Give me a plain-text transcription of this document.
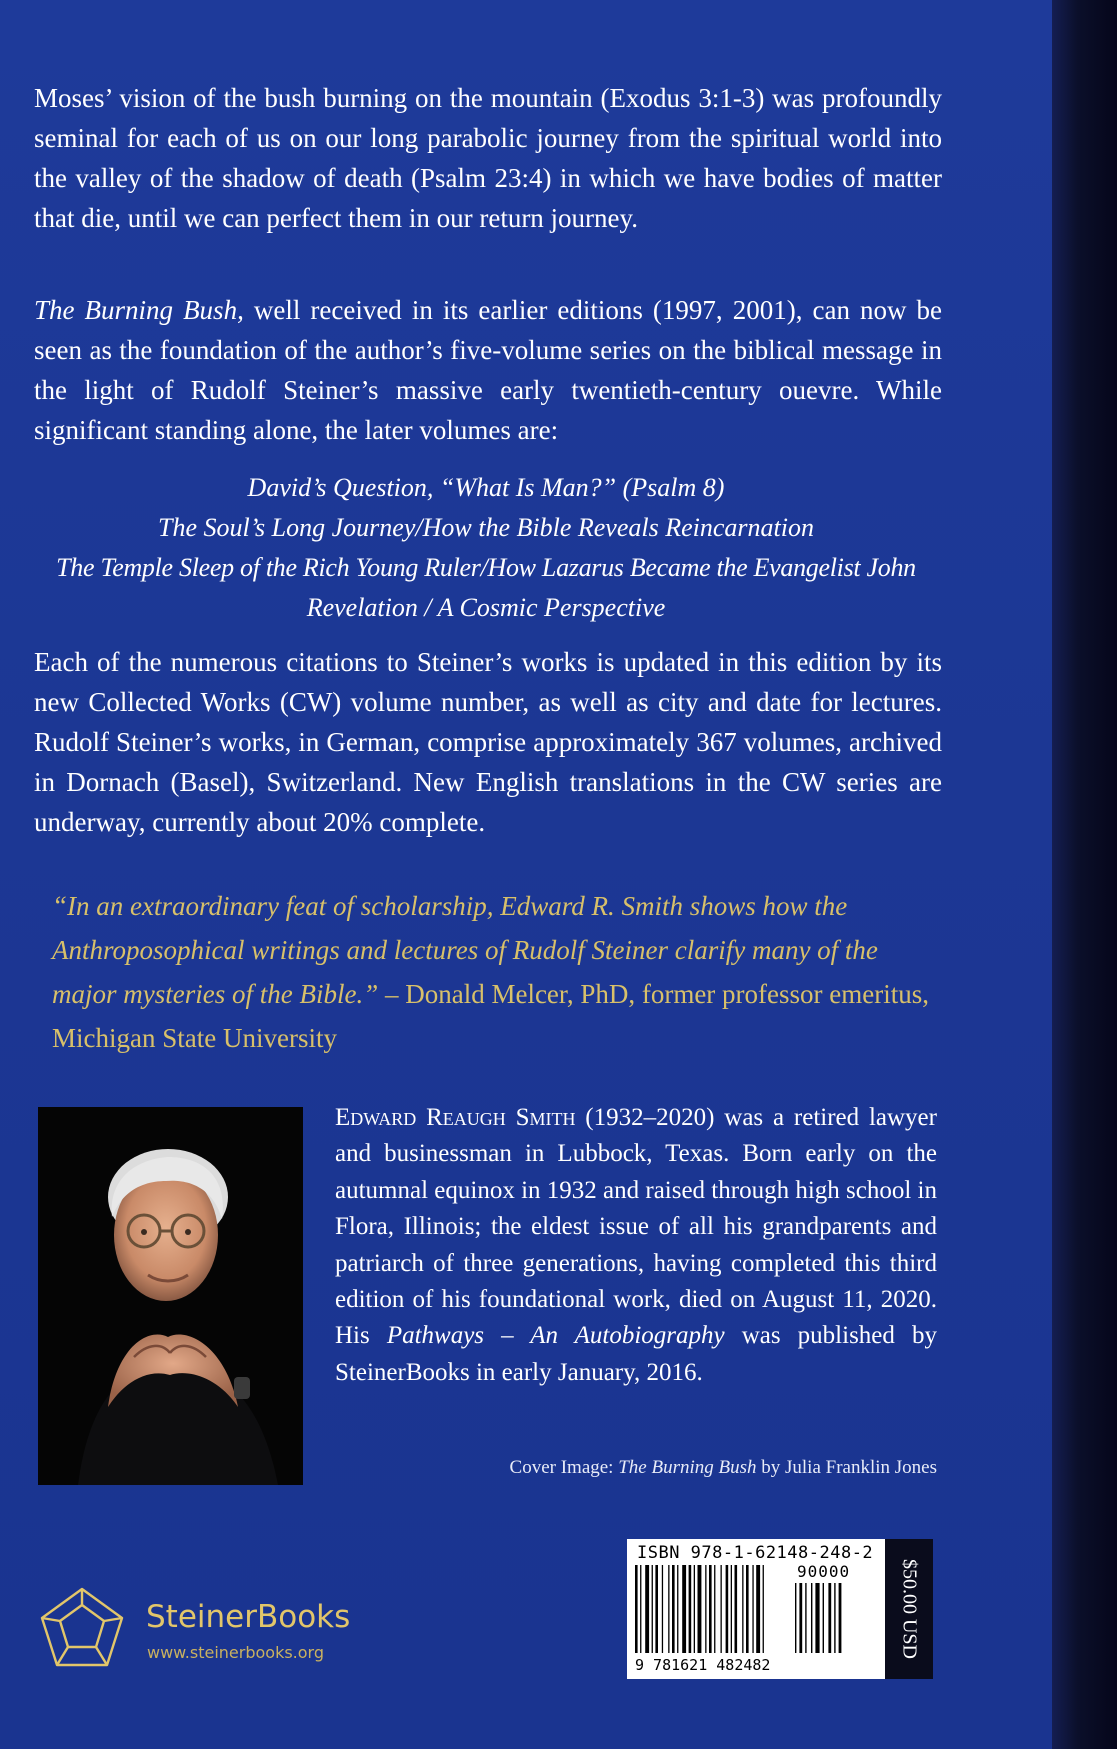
Moses’ vision of the bush burning on the mountain (Exodus 3:1-3) was profoundly seminal for each of us on our long parabolic journey from the spiritual world into the valley of the shadow of death (Psalm 23:4) in which we have bodies of matter that die, until we can perfect them in our return journey.

The Burning Bush, well received in its earlier editions (1997, 2001), can now be seen as the foundation of the author’s five-volume series on the biblical message in the light of Rudolf Steiner’s massive early twentieth-century ouevre. While significant standing alone, the later volumes are:

David’s Question, “What Is Man?” (Psalm 8)
The Soul’s Long Journey/How the Bible Reveals Reincarnation
The Temple Sleep of the Rich Young Ruler/How Lazarus Became the Evangelist John
Revelation / A Cosmic Perspective

Each of the numerous citations to Steiner’s works is updated in this edition by its new Collected Works (CW) volume number, as well as city and date for lectures. Rudolf Steiner’s works, in German, comprise approximately 367 volumes, archived in Dornach (Basel), Switzerland. New English translations in the CW series are underway, currently about 20% complete.

“In an extraordinary feat of scholarship, Edward R. Smith shows how the Anthroposophical writings and lectures of Rudolf Steiner clarify many of the major mysteries of the Bible.” – Donald Melcer, PhD, former professor emeritus, Michigan State University

Edward Reaugh Smith (1932–2020) was a retired lawyer and businessman in Lubbock, Texas. Born early on the autumnal equinox in 1932 and raised through high school in Flora, Illinois; the eldest issue of all his grandparents and patriarch of three generations, having completed this third edition of his foundational work, died on August 11, 2020. His Pathways – An Autobiography was published by SteinerBooks in early January, 2016.

Cover Image: The Burning Bush by Julia Franklin Jones
SteinerBooks
www.steinerbooks.org
ISBN 978-1-62148-248-2
90000
9 781621 482482
$50.00 USD
